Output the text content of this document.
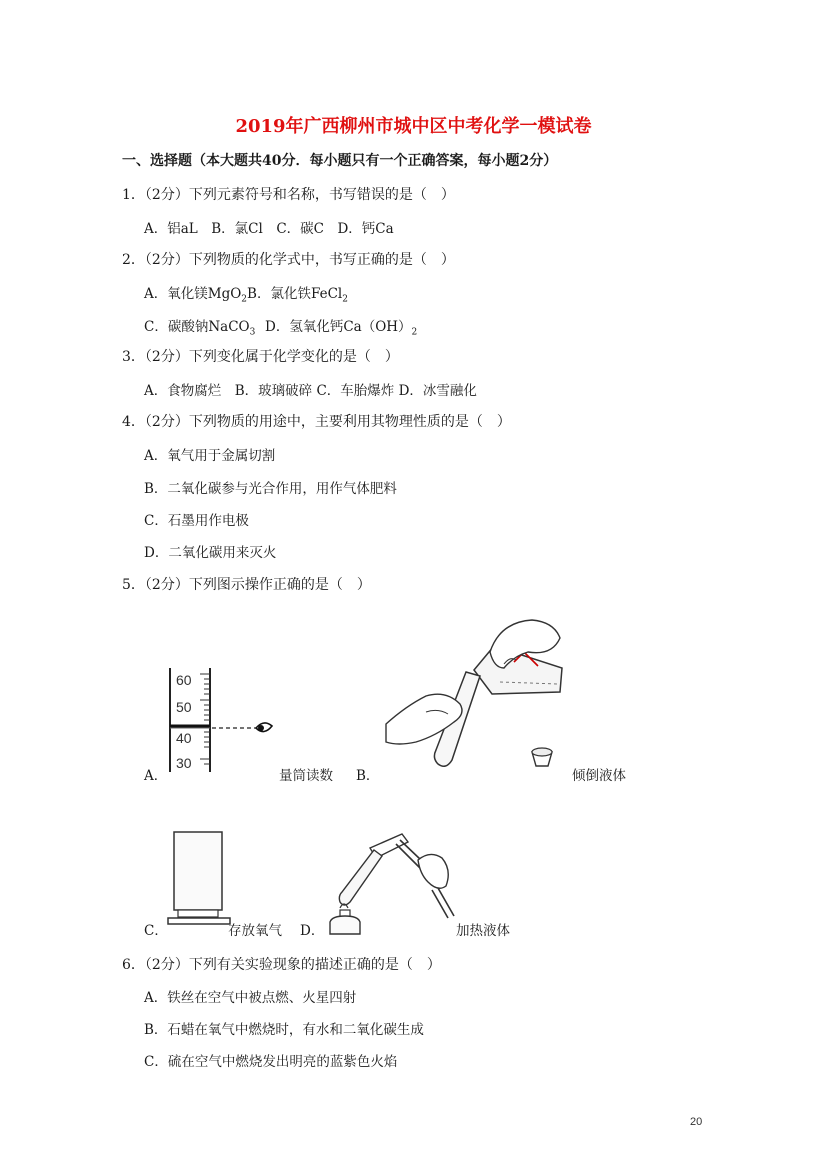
2019年广西柳州市城中区中考化学一模试卷
一、选择题（本大题共40分．每小题只有一个正确答案，每小题2分）
1．（2分）下列元素符号和名称，书写错误的是（　）
A．铝aL　B．氯Cl　C．碳C　D．钙Ca
2．（2分）下列物质的化学式中，书写正确的是（　）
A．氧化镁MgO$_2$B．氯化铁FeCl$_2$
C．碳酸钠NaCO$_3$ D．氢氧化钙$Ca(OH)_2$
3．（2分）下列变化属于化学变化的是（　）
A．食物腐烂　B．玻璃破碎 C．车胎爆炸 D．冰雪融化
4．（2分）下列物质的用途中，主要利用其物理性质的是（　）
A．氧气用于金属切割
B．二氧化碳参与光合作用，用作气体肥料
C．石墨用作电极
D．二氧化碳用来灭火
5．（2分）下列图示操作正确的是（　）
60
50
40
30
A．	量筒读数 B．	倾倒液体
C．	存放氧气 D．	加热液体
6．（2分）下列有关实验现象的描述正确的是（　）
A．铁丝在空气中被点燃、火星四射
B．石蜡在氧气中燃烧时，有水和二氧化碳生成
C．硫在空气中燃烧发出明亮的蓝紫色火焰
20
